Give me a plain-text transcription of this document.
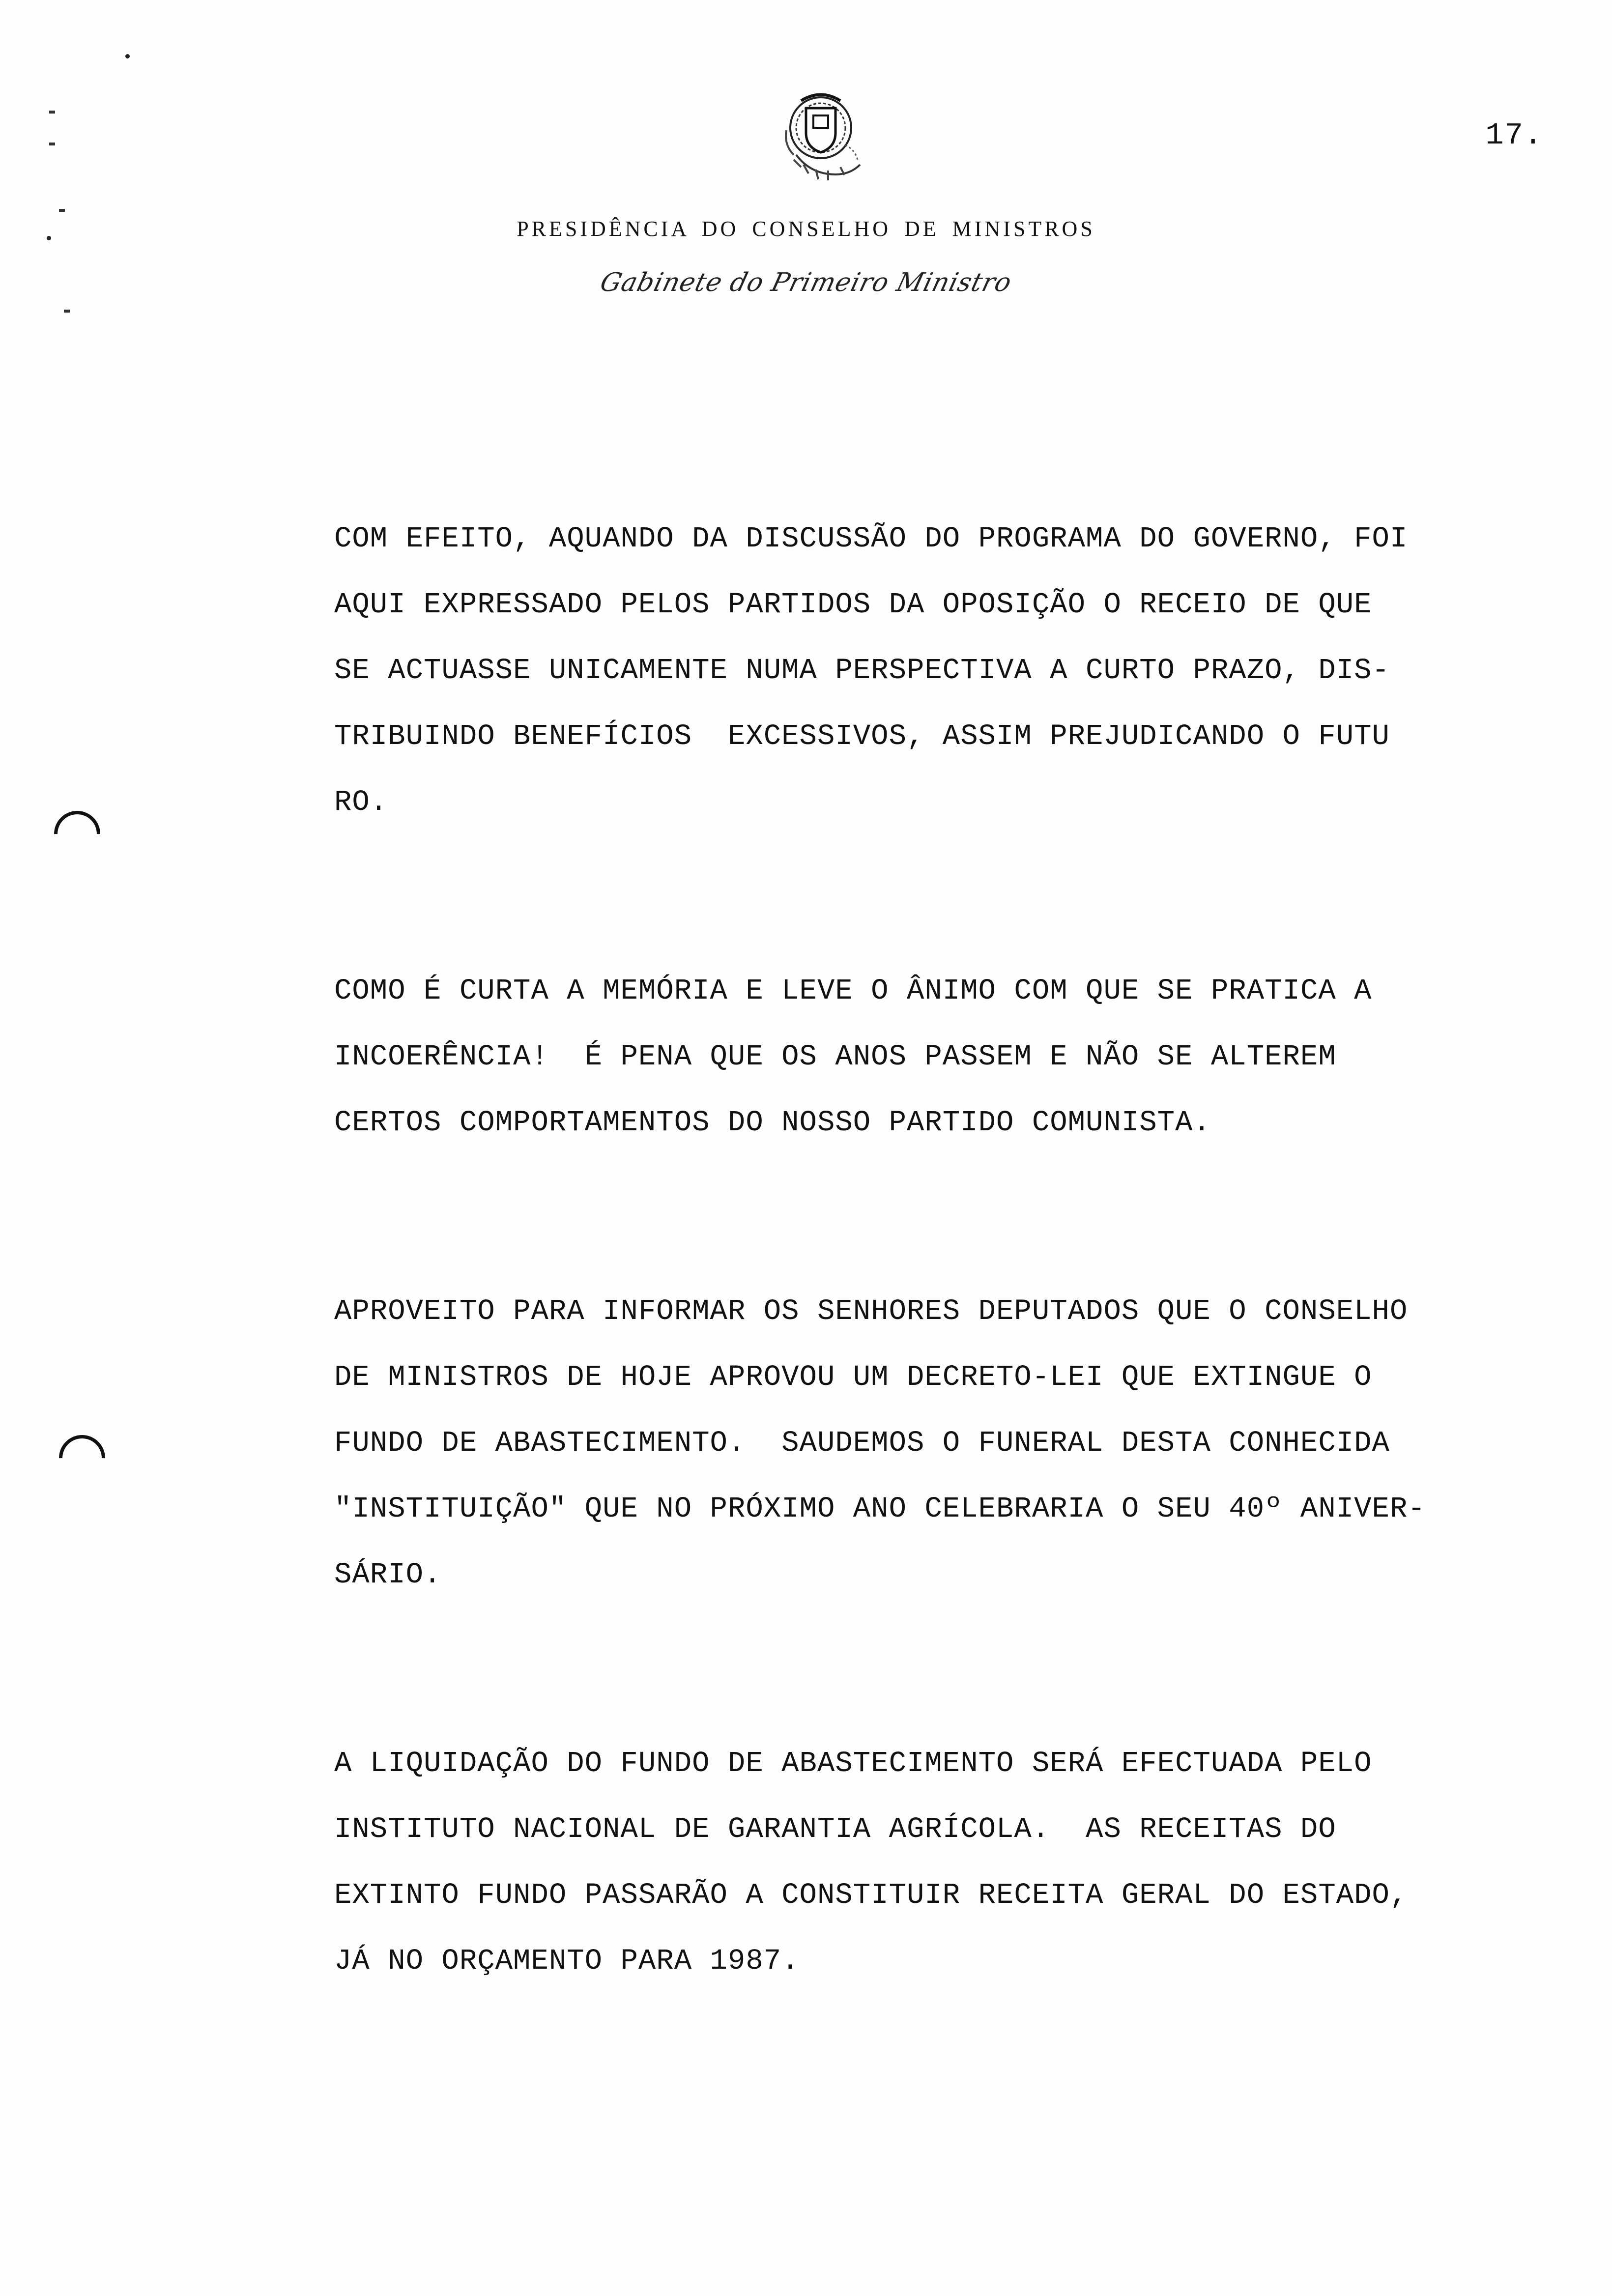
17.
PRESIDÊNCIA DO CONSELHO DE MINISTROS
Gabinete do Primeiro Ministro

COM EFEITO, AQUANDO DA DISCUSSÃO DO PROGRAMA DO GOVERNO, FOI
AQUI EXPRESSADO PELOS PARTIDOS DA OPOSIÇÃO O RECEIO DE QUE
SE ACTUASSE UNICAMENTE NUMA PERSPECTIVA A CURTO PRAZO, DIS-
TRIBUINDO BENEFÍCIOS  EXCESSIVOS, ASSIM PREJUDICANDO O FUTU
RO.

COMO É CURTA A MEMÓRIA E LEVE O ÂNIMO COM QUE SE PRATICA A
INCOERÊNCIA!  É PENA QUE OS ANOS PASSEM E NÃO SE ALTEREM
CERTOS COMPORTAMENTOS DO NOSSO PARTIDO COMUNISTA.

APROVEITO PARA INFORMAR OS SENHORES DEPUTADOS QUE O CONSELHO
DE MINISTROS DE HOJE APROVOU UM DECRETO-LEI QUE EXTINGUE O
FUNDO DE ABASTECIMENTO.  SAUDEMOS O FUNERAL DESTA CONHECIDA
"INSTITUIÇÃO" QUE NO PRÓXIMO ANO CELEBRARIA O SEU 40º ANIVER-
SÁRIO.

A LIQUIDAÇÃO DO FUNDO DE ABASTECIMENTO SERÁ EFECTUADA PELO
INSTITUTO NACIONAL DE GARANTIA AGRÍCOLA.  AS RECEITAS DO
EXTINTO FUNDO PASSARÃO A CONSTITUIR RECEITA GERAL DO ESTADO,
JÁ NO ORÇAMENTO PARA 1987.
